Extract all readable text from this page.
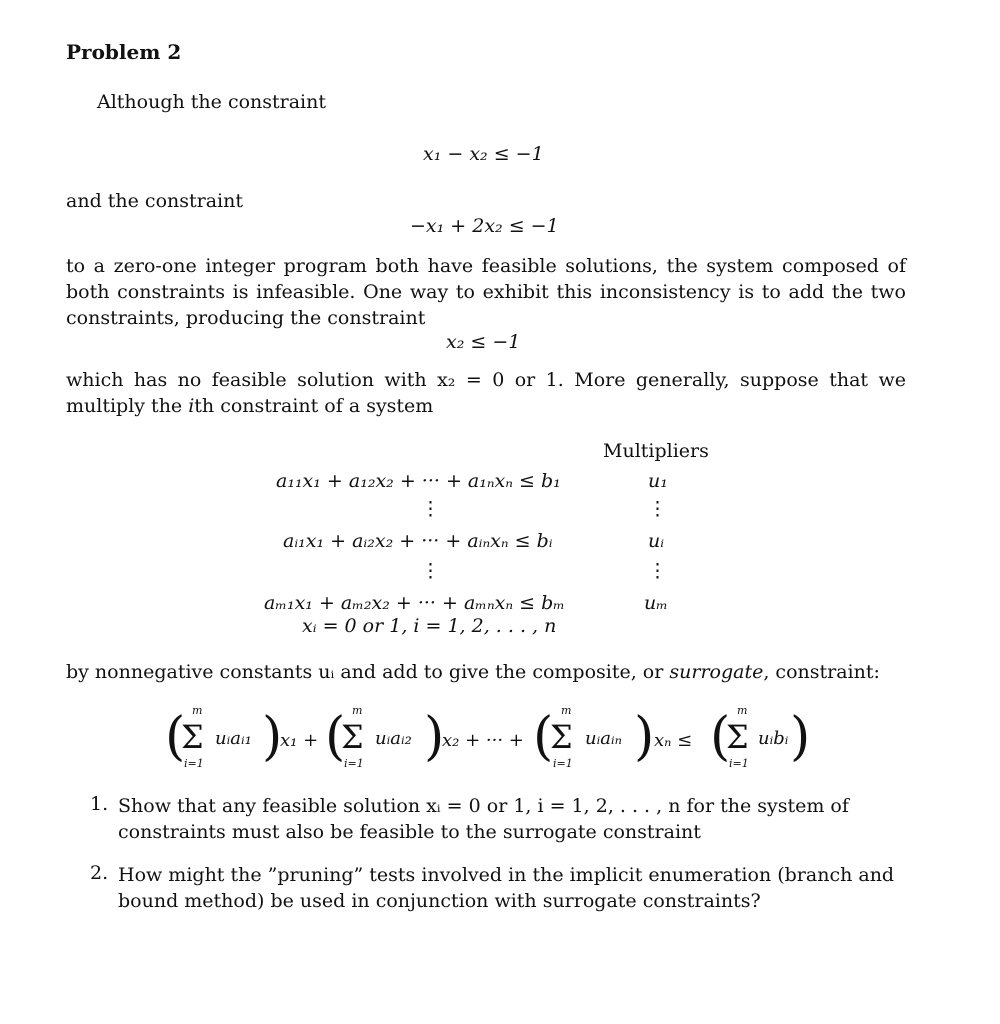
Problem 2
Although the constraint
x₁ − x₂ ≤ −1
and the constraint
−x₁ + 2x₂ ≤ −1
to a zero-one integer program both have feasible solutions, the system composed of both constraints is infeasible. One way to exhibit this inconsistency is to add the two constraints, producing the constraint
x₂ ≤ −1
which has no feasible solution with x₂ = 0 or 1. More generally, suppose that we multiply the ith constraint of a system
Multipliers
a₁₁x₁ + a₁₂x₂ + ··· + a₁ₙxₙ ≤ b₁	u₁
⋮	⋮
aᵢ₁x₁ + aᵢ₂x₂ + ··· + aᵢₙxₙ ≤ bᵢ	uᵢ
⋮	⋮
aₘ₁x₁ + aₘ₂x₂ + ··· + aₘₙxₙ ≤ bₘ	uₘ
xᵢ = 0 or 1, i = 1, 2, . . . , n
by nonnegative constants uᵢ and add to give the composite, or surrogate, constraint:
( m
Σ
i=1
uᵢaᵢ₁ )
x₁ + ( m
Σ
i=1
uᵢaᵢ₂ )
x₂ + ··· + ( m
Σ
i=1
uᵢaᵢₙ ) xₙ ≤ ( m
Σ
i=1
uᵢbᵢ )
1. Show that any feasible solution xᵢ = 0 or 1, i = 1, 2, . . . , n for the system of constraints must also be feasible to the surrogate constraint
2. How might the ”pruning” tests involved in the implicit enumeration (branch and bound method) be used in conjunction with surrogate constraints?
